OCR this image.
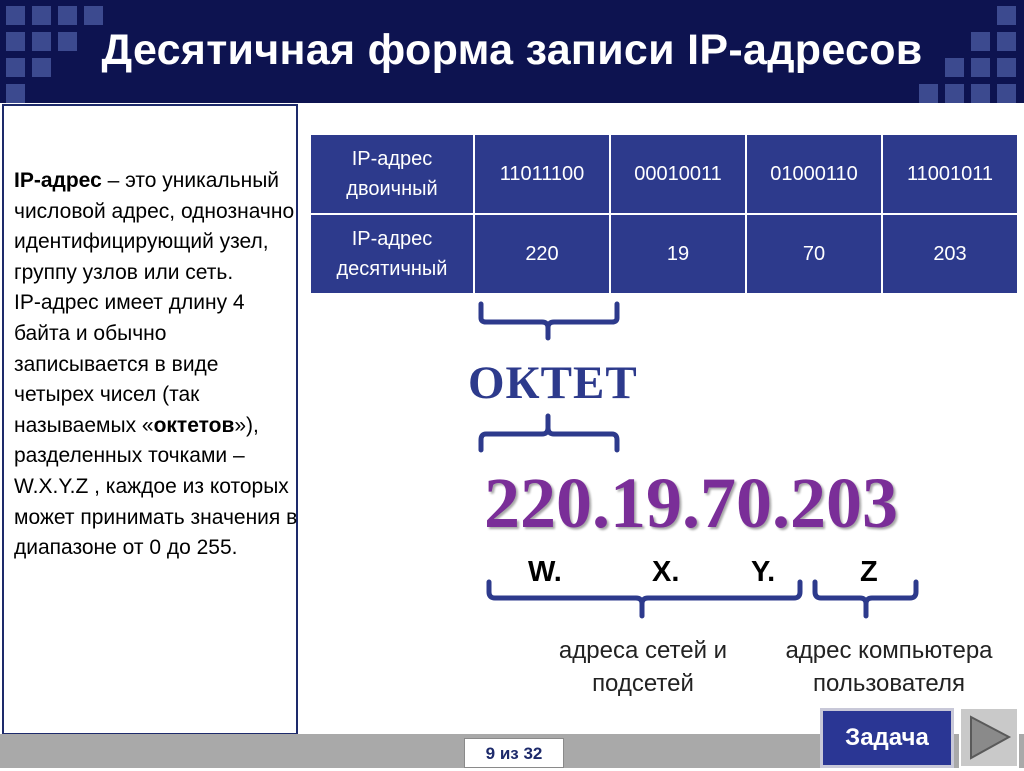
Десятичная форма записи IP-адресов
IP-адрес – это уникальный числовой адрес, однозначно идентифицирующий узел, группу узлов или сеть.
IP-адрес имеет длину 4 байта и обычно записывается в виде четырех чисел (так называемых «октетов»), разделенных точками – W.X.Y.Z , каждое из которых может принимать значения в диапазоне от 0 до 255.
IP-адрес двоичный	11011100	00010011	01000110	11001011
IP-адрес десятичный	220	19	70	203
ОКТЕТ
220.19.70.203
W.	X. Y.	Z
адреса сетей и подсетей
адрес компьютера пользователя
9 из 32
Задача
